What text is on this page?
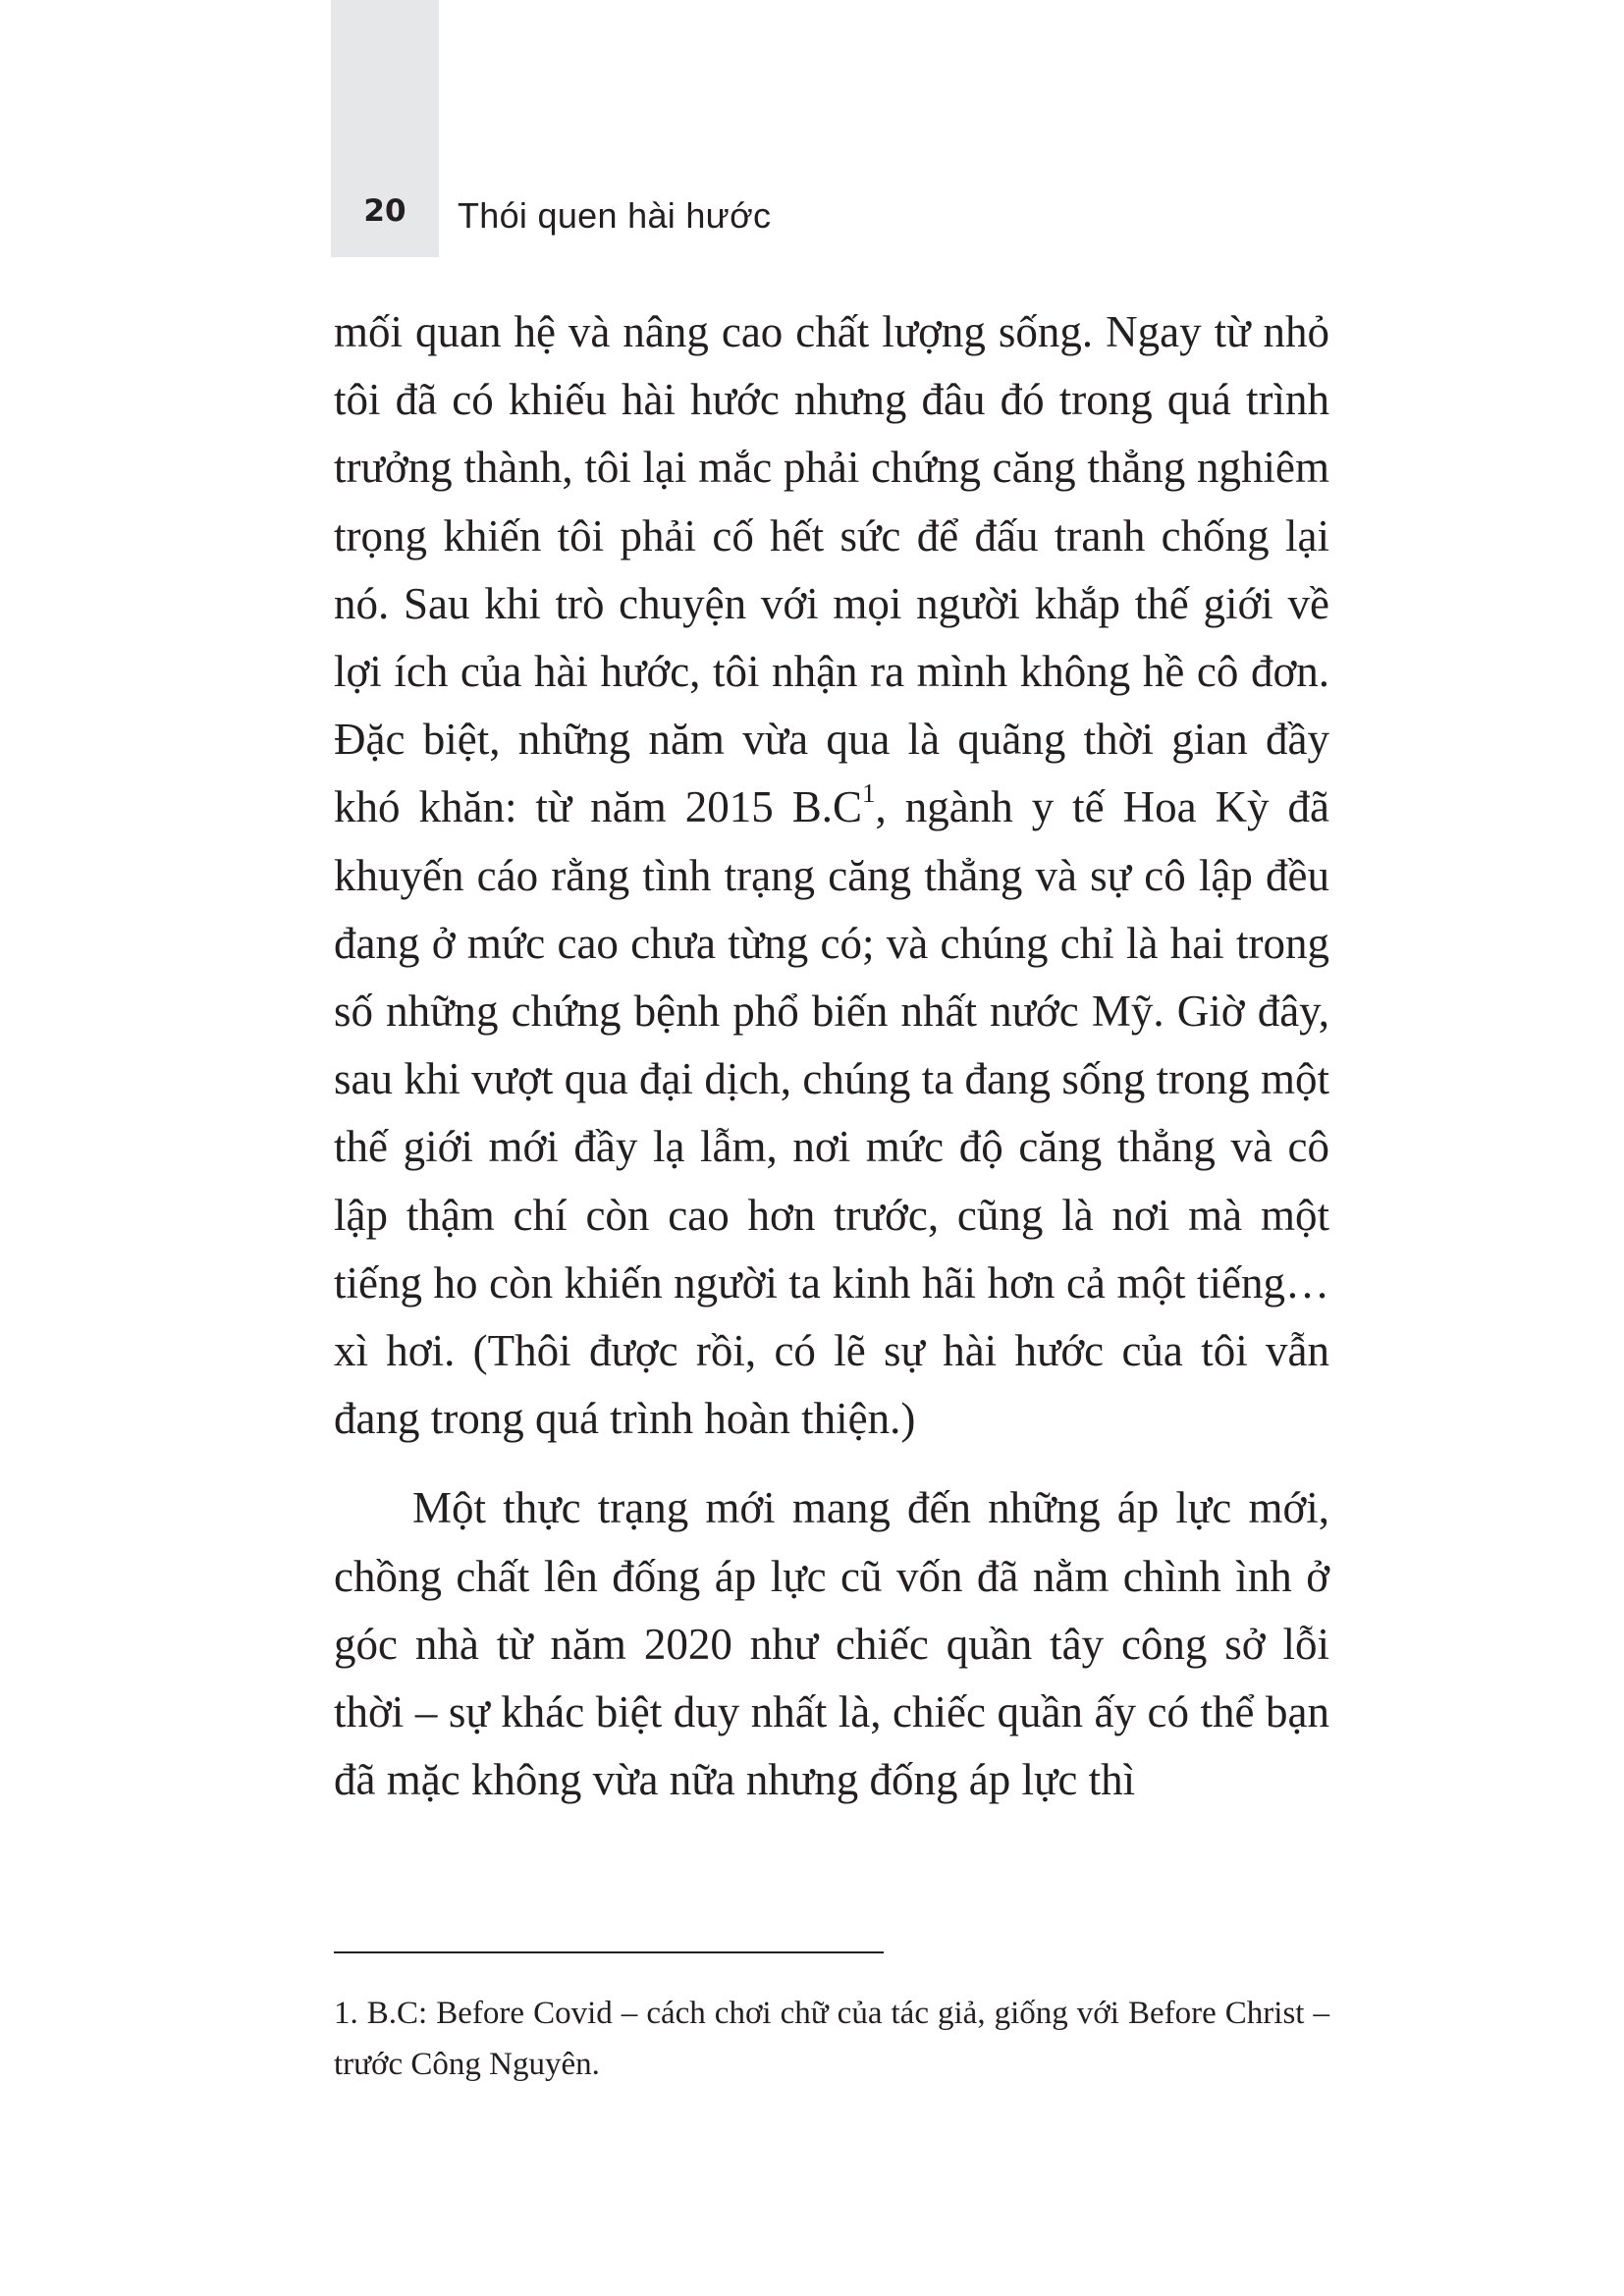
20	Thói quen hài hước

mối quan hệ và nâng cao chất lượng sống. Ngay từ nhỏ tôi đã có khiếu hài hước nhưng đâu đó trong quá trình trưởng thành, tôi lại mắc phải chứng căng thẳng nghiêm trọng khiến tôi phải cố hết sức để đấu tranh chống lại nó. Sau khi trò chuyện với mọi người khắp thế giới về lợi ích của hài hước, tôi nhận ra mình không hề cô đơn. Đặc biệt, những năm vừa qua là quãng thời gian đầy khó khăn: từ năm 2015 $B.C^1$, ngành y tế Hoa Kỳ đã khuyến cáo rằng tình trạng căng thẳng và sự cô lập đều đang ở mức cao chưa từng có; và chúng chỉ là hai trong số những chứng bệnh phổ biến nhất nước Mỹ. Giờ đây, sau khi vượt qua đại dịch, chúng ta đang sống trong một thế giới mới đầy lạ lẫm, nơi mức độ căng thẳng và cô lập thậm chí còn cao hơn trước, cũng là nơi mà một tiếng ho còn khiến người ta kinh hãi hơn cả một tiếng… xì hơi. (Thôi được rồi, có lẽ sự hài hước của tôi vẫn đang trong quá trình hoàn thiện.)

Một thực trạng mới mang đến những áp lực mới, chồng chất lên đống áp lực cũ vốn đã nằm chình ình ở góc nhà từ năm 2020 như chiếc quần tây công sở lỗi thời – sự khác biệt duy nhất là, chiếc quần ấy có thể bạn đã mặc không vừa nữa nhưng đống áp lực thì

1. B.C: Before Covid – cách chơi chữ của tác giả, giống với Before Christ – trước Công Nguyên.
